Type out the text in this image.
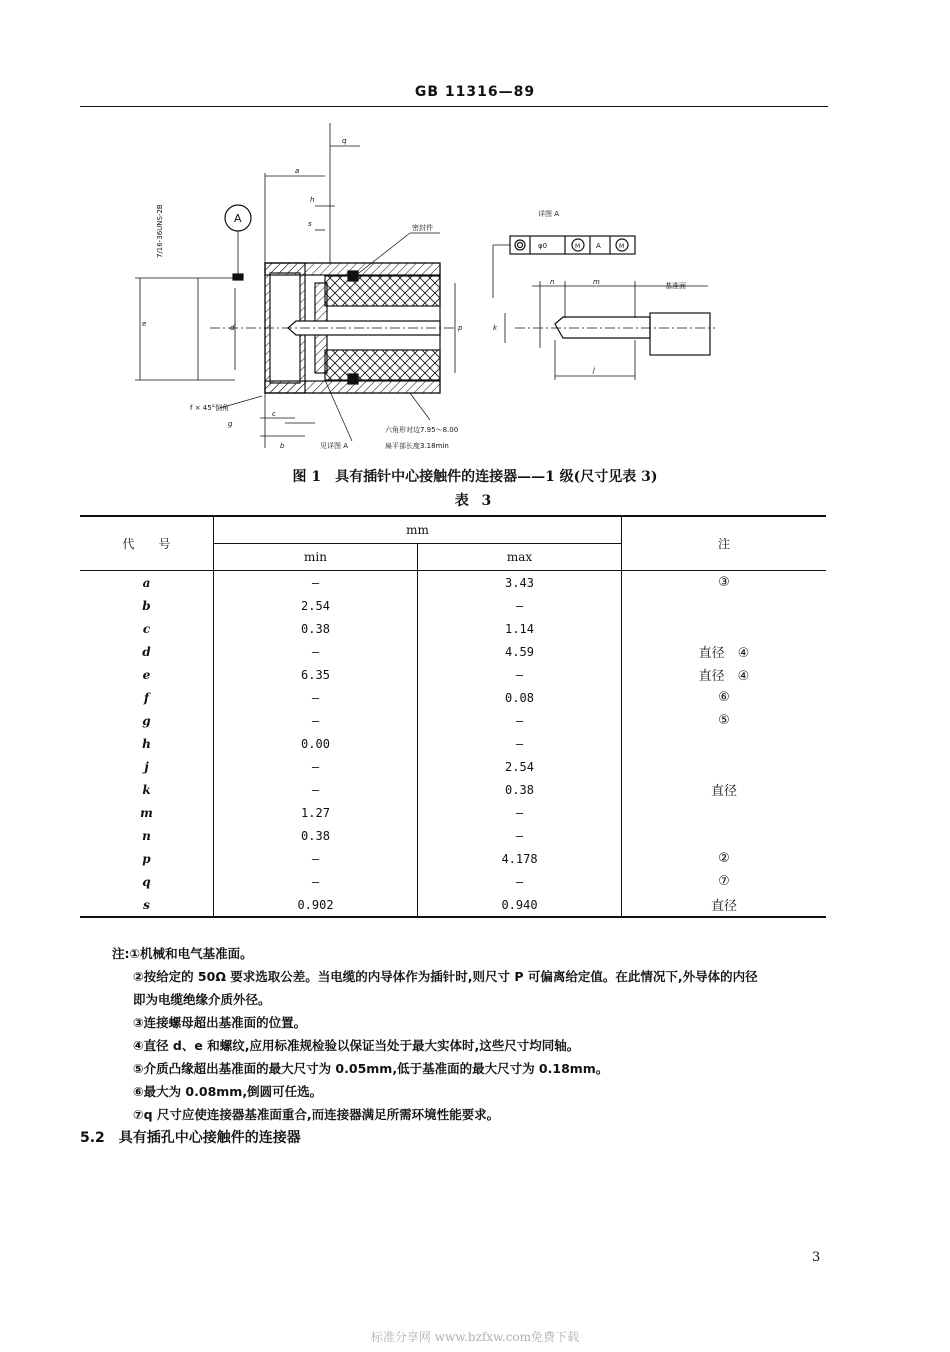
GB 11316—89
A
7/16-36UNS-2B	密封件
f × 45°倒角
六角形对边7.95～8.00
见详图 A	扁平部长度3.18min
详图 A
基准面
φ0	M A	M
a
b
c
d
e
g
h
j
k
m
n
p
q
s
图 1　具有插针中心接触件的连接器——1 级(尺寸见表 3)
表 3
代　　号	mm		注
	min	max	
a	—	3.43	③
b	2.54	—	
c	0.38	1.14	
d	—	4.59	直径　④
e	6.35	—	直径　④
f	—	0.08	⑥
g	—	—	⑤
h	0.00	—	
j	—	2.54	
k	—	0.38	直径
m	1.27	—	
n	0.38	—	
p	—	4.178	②
q	—	—	⑦
s	0.902	0.940	直径
注:①机械和电气基准面。
②按给定的 50Ω 要求选取公差。当电缆的内导体作为插针时,则尺寸 P 可偏离给定值。在此情况下,外导体的内径
即为电缆绝缘介质外径。
③连接螺母超出基准面的位置。
④直径 d、e 和螺纹,应用标准规检验以保证当处于最大实体时,这些尺寸均同轴。
⑤介质凸缘超出基准面的最大尺寸为 0.05mm,低于基准面的最大尺寸为 0.18mm。
⑥最大为 0.08mm,倒圆可任选。
⑦q 尺寸应使连接器基准面重合,而连接器满足所需环境性能要求。
5.2　具有插孔中心接触件的连接器
3
标准分享网 www.bzfxw.com免费下载
